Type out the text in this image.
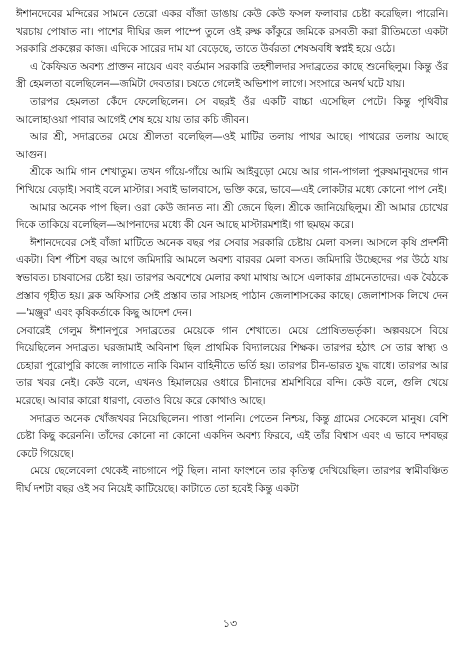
ঈশানদেবের মন্দিরের সামনে তেরো একর বাঁজা ডাঙায় কেউ কেউ ফসল ফলাবার চেষ্টা করেছিল। পারেনি। খরচায় পোষাত না। পাশের দীঘির জল পাম্পে তুলে ওই রুক্ষ কাঁকুরে জমিকে রসবতী করা রীতিমতো একটা সরকারি প্রকল্পের কাজ। এদিকে সারের দাম যা বেড়েছে, তাতে উর্বরতা শেষঅবধি স্বপ্নই হয়ে ওঠে।

এ কৈফিয়ত অবশ্য প্রাক্তন নায়েব এবং বর্তমান সরকারি তহশীলদার সদাব্রতের কাছে শুনেছিলুম। কিন্তু ওঁর স্ত্রী হেমলতা বলেছিলেন—জমিটা দেবতার। চষতে গেলেই অভিশাপ লাগে। সংসারে অনর্থ ঘটে যায়।

তারপর হেমলতা কেঁদে ফেলেছিলেন। সে বছরই ওঁর একটি বাচ্চা এসেছিল পেটে। কিন্তু পৃথিবীর আলোহাওয়া পাবার আগেই শেষ হয়ে যায় তার কচি জীবন।

আর শ্রী, সদাব্রতের মেয়ে শ্রীলতা বলেছিল—ওই মাটির তলায় পাথর আছে। পাথরের তলায় আছে আগুন।

শ্রীকে আমি গান শেখাতুম। তখন গাঁয়ে-গাঁয়ে আমি আইবুড়ো মেয়ে আর গান-পাগলা পুরুষমানুষদের গান শিখিয়ে বেড়াই। সবাই বলে মাস্টার। সবাই ভালবাসে, ভক্তি করে, ভাবে—এই লোকটার মধ্যে কোনো পাপ নেই।

আমার অনেক পাপ ছিল। ওরা কেউ জানত না। শ্রী জেনে ছিল। শ্রীকে জানিয়েছিলুম। শ্রী আমার চোখের দিকে তাকিয়ে বলেছিল—আপনাদের মধ্যে কী যেন আছে মাস্টারমশাই। গা ছমছম করে।

ঈশানদেবের সেই বাঁজা মাটিতে অনেক বছর পর সেবার সরকারি চেষ্টায় মেলা বসল। আসলে কৃষি প্রদর্শনী একটা। বিশ পঁচিশ বছর আগে জমিদারি আমলে অবশ্য বারবর মেলা বসত। জমিদারি উচ্ছেদের পর উঠে যায় স্বভাবত। চাষবাসের চেষ্টা হয়। তারপর অবশেষে মেলার কথা মাথায় আসে এলাকার গ্রামনেতাদের। এক বৈঠকে প্রস্তাব গৃহীত হয়। ব্লক অফিসার সেই প্রস্তাব তার সায়সহ পাঠান জেলাশাসকের কাছে। জেলাশাসক লিখে দেন—'মঞ্জুর' এবং কৃষিকর্তাকে কিছু আদেশ দেন।

সেবারেই গেলুম ঈশানপুরে সদাব্রতের মেয়েকে গান শেখাতে। মেয়ে প্রোষিতভর্তৃকা। অল্পবয়সে বিয়ে দিয়েছিলেন সদাব্রত। ঘরজামাই অবিনাশ ছিল প্রাথমিক বিদ্যালয়ের শিক্ষক। তারপর হঠাৎ সে তার স্বাস্থ্য ও চেহারা পুরোপুরি কাজে লাগাতে নাকি বিমান বাহিনীতে ভর্তি হয়। তারপর চীন-ভারত যুদ্ধ বাধে। তারপর আর তার খবর নেই। কেউ বলে, এখনও হিমালয়ের ওধারে চীনাদের শ্রমশিবিরে বন্দি। কেউ বলে, গুলি খেয়ে মরেছে। আবার কারো ধারণা, বেতাও বিয়ে করে কোথাও আছে।

সদাব্রত অনেক খোঁজখবর নিয়েছিলেন। পাত্তা পাননি। পেতেন নিশ্চয়, কিন্তু গ্রামের সেকেলে মানুষ। বেশি চেষ্টা কিছু করেননি। তাঁদের কোনো না কোনো একদিন অবশ্য ফিরবে, এই তাঁর বিশ্বাস এবং এ ভাবে দশবছর কেটে গিয়েছে।

মেয়ে ছেলেবেলা থেকেই নাচগানে পটু ছিল। নানা ফাংশনে তার কৃতিত্ব দেখিয়েছিল। তারপর স্বামীবঞ্চিত দীর্ঘ দশটা বছর ওই সব নিয়েই কাটিয়েছে। কাটাতে তো হবেই কিন্তু একটা

১৩
